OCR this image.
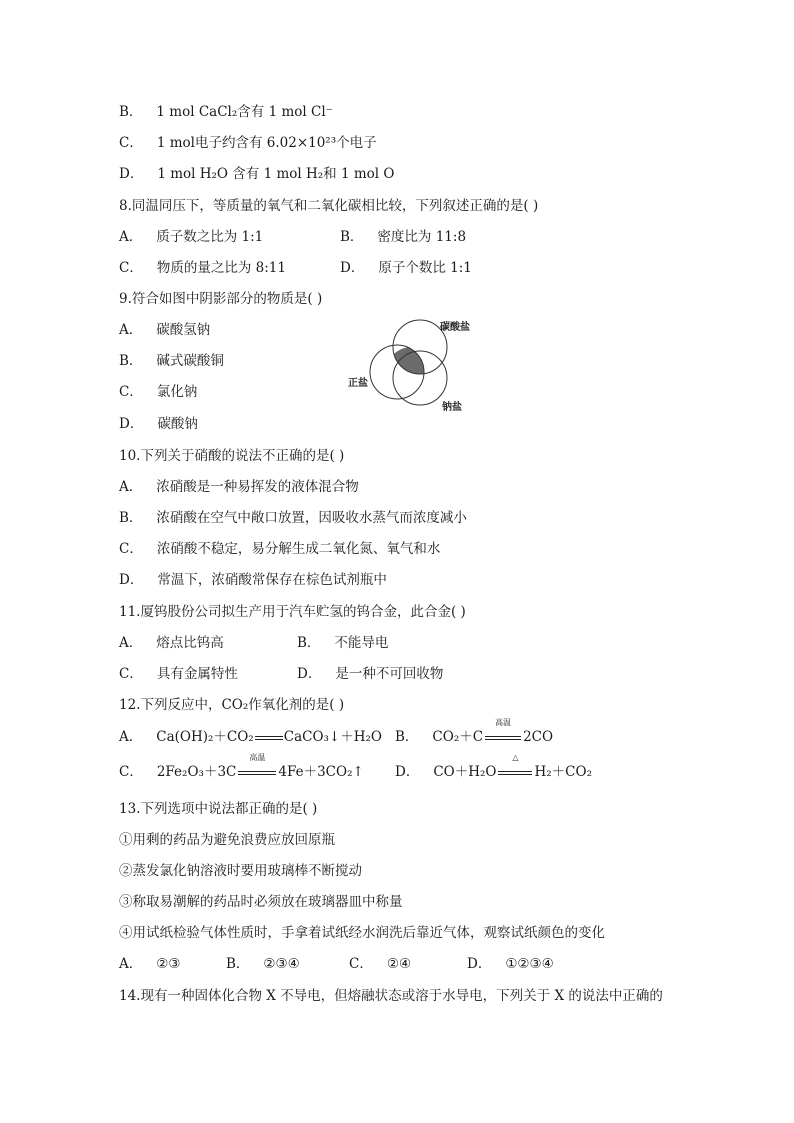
B． 1 mol CaCl₂含有 1 mol Cl⁻
C． 1 mol电子约含有 6.02×10²³个电子
D． 1 mol H₂O 含有 1 mol H₂和 1 mol O
8.同温同压下，等质量的氧气和二氧化碳相比较，下列叙述正确的是( )
A． 质子数之比为 1:1	B． 密度比为 11:8
C． 物质的量之比为 8:11	D． 原子个数比 1:1
9.符合如图中阴影部分的物质是( )
A． 碳酸氢钠
B． 碱式碳酸铜
C． 氯化钠
D． 碳酸钠
碳酸盐
正盐
钠盐
10.下列关于硝酸的说法不正确的是( )
A． 浓硝酸是一种易挥发的液体混合物
B． 浓硝酸在空气中敞口放置，因吸收水蒸气而浓度减小
C． 浓硝酸不稳定，易分解生成二氧化氮、氧气和水
D． 常温下，浓硝酸常保存在棕色试剂瓶中
11.厦钨股份公司拟生产用于汽车贮氢的钨合金，此合金( )
A． 熔点比钨高	B． 不能导电
C． 具有金属特性	D． 是一种不可回收物
12.下列反应中，CO₂作氧化剂的是( )
A． Ca(OH)₂＋CO₂ CaCO₃↓＋H₂O B． CO₂＋C
高温
2CO
C． 2Fe₂O₃＋3C
高温
4Fe＋3CO₂↑ D． CO＋H₂O
△
H₂＋CO₂
13.下列选项中说法都正确的是( )
①用剩的药品为避免浪费应放回原瓶
②蒸发氯化钠溶液时要用玻璃棒不断搅动
③称取易潮解的药品时必须放在玻璃器皿中称量
④用试纸检验气体性质时，手拿着试纸经水润洗后靠近气体，观察试纸颜色的变化
A． ②③	B． ②③④	C． ②④	D． ①②③④
14.现有一种固体化合物 X 不导电，但熔融状态或溶于水导电，下列关于 X 的说法中正确的
